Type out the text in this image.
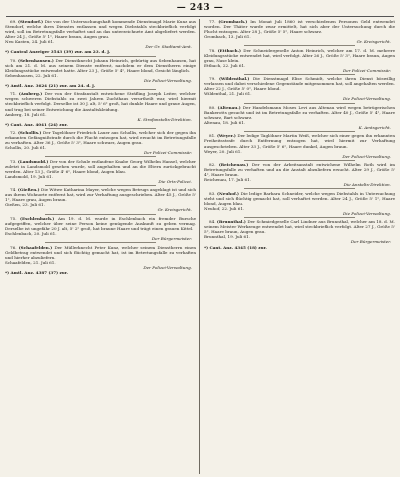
— 243 —

69. (Stendorf.) Die von der Untersuchungshaft kommende Dienstmagd Marie Kunz aus Stendorf, welche ihres Dienstes entlassen und wegen Diebstahls steckbrieflich verfolgt wird, soll im Betretungsfalle verhaftet und an das unterzeichnete Amt abgeliefert werden. Alter 24 J., Größe 5' 1", Haare braun, Augen grau.

Neu Kasten, 24. Juli 61.
Der Gr. Stadtamt-Amt.
*) Cantral Anzeiger 3543 (39) zur. am 23. d. J.

70. (Sebenhausen.) Der Dienstknecht Johann Heinrich, gebürtig aus Sebenhausen, hat sich am 21. d. M. aus seinem Dienste entfernt, nachdem er dem Dienstherrn einige Kleidungsstücke entwendet hatte. Alter 23 J., Größe 5' 4", Haare blond, Gesicht länglich.

Sebenhausen, 22. Juli 61.
Die Polizei-Verwaltung.
*) Amtl. Anz. 3624 (21) zur. am 24. d. J.

71. (Amberg.) Der von der Strafanstalt entwichene Sträfling Joseph Leiter, welcher wegen schweren Diebstahls zu zwei Jahren Zuchthaus verurtheilt war, wird hiermit steckbrieflich verfolgt. Derselbe ist 30 J. alt, 5' 6" groß, hat dunkle Haare und graue Augen, und trug bei seiner Entweichung die Anstaltskleidung.

Amberg, 18. Juli 61.
K. Strafanstalts-Direktion.
*) Cant. Anz. 4041 (24) zur.

72. (Schollis.) Der Tagelöhner Friedrich Lauer aus Schollis, welcher sich der gegen ihn erkannten Gefängnißstrafe durch die Flucht entzogen hat, wird ersucht im Betretungsfalle zu verhaften. Alter 36 J., Größe 5' 3", Haare schwarz, Augen grau.

Schollis, 20. Juli 61.
Der Polizei-Commissär.

73. (Landsmold.) Der von der Schule entlaufene Knabe Georg Wilhelm Hansel, welcher zuletzt in Landsmold gesehen wurde, soll angehalten und an die Eltern zurückgebracht werden. Alter 13 J., Größe 4' 6", Haare blond, Augen blau.

Landsmold, 19. Juli 61.
Die Orts-Polizei.

74. (Gießen.) Die Witwe Katharina Mayer, welche wegen Betrugs angeklagt ist und sich aus ihrem Wohnorte entfernt hat, wird zur Verhaftung ausgeschrieben. Alter 45 J., Größe 5' 1", Haare grau, Augen braun.

Gießen, 23. Juli 61.
Gr. Kreisgericht.

75. (Eschlenbach.) Am 19. d. M. wurde in Eschlenbach ein fremder Bursche aufgegriffen, welcher über seine Person keine genügende Auskunft zu geben vermag. Derselbe ist ungefähr 20 J. alt, 5' 2" groß, hat braune Haare und trägt einen grauen Kittel.

Eschlenbach, 20. Juli 61.
Der Bürgermeister.

76. (Schaafelden.) Der Müllerknecht Peter Kunz, welcher seinem Dienstherrn einen Geldbetrag entwendet und sich flüchtig gemacht hat, ist im Betretungsfalle zu verhaften und hierher abzuliefern.

Schaafelden, 21. Juli 61.
Der Polizei-Verwaltung.
*) Amtl. Anz. 4387 (37) zur.

77. (Grombach.) Im Monat Juli 1860 ist verschiedenen Personen Geld entwendet worden. Der Thäter wurde zwar ermittelt, hat sich aber der Untersuchung durch die Flucht entzogen. Alter 28 J., Größe 5' 5", Haare schwarz.

Grombach, 13. Juli 61.
Gr. Kreisgericht.

78. (Ettbach.) Der Schneidergeselle Anton Heinrich, welcher am 17. d. M. mehrere Kleidungsstücke entwendet hat, wird verfolgt. Alter 26 J., Größe 5' 3", Haare braun, Augen grau, Nase klein.

Ettbach, 22. Juli 61.
Der Polizei-Commissär.

79. (Wildenthal.) Die Dienstmagd Elise Schmidt, welche ihren Dienst böswillig verlassen und dabei verschiedene Gegenstände mitgenommen hat, soll angehalten werden. Alter 22 J., Größe 5' 0", Haare blond.

Wildenthal, 21. Juli 61.
Die Polizei-Verwaltung.

80. (Altenau.) Der Handelsmann Moses Levi aus Altenau wird wegen betrügerischen Bankerotts gesucht und ist im Betretungsfalle zu verhaften. Alter 40 J., Größe 5' 4", Haare schwarz, Bart schwarz.

Altenau, 18. Juli 61.
K. Amtsgericht.

81. (Weyer.) Der ledige Taglöhner Martin Weiß, welcher sich einer gegen ihn erkannten Freiheitsstrafe durch Entfernung entzogen hat, wird hiermit zur Verhaftung ausgeschrieben. Alter 33 J., Größe 5' 6", Haare dunkel, Augen braun.

Weyer, 20. Juli 61.
Der Polizei-Verwaltung.

82. (Reichenau.) Der von der Arbeitsanstalt entwichene Wilhelm Roth wird im Betretungsfalle zu verhaften und an die Anstalt abzuliefern ersucht. Alter 29 J., Größe 5' 4", Haare braun.

Reichenau, 17. Juli 61.
Die Anstalts-Direktion.

83. (Neuhof.) Die ledige Barbara Schneider, welche wegen Diebstahls in Untersuchung steht und sich flüchtig gemacht hat, soll verhaftet werden. Alter 24 J., Größe 5' 1", Haare blond, Augen blau.

Neuhof, 22. Juli 61.
Die Polizei-Verwaltung.

84. (Brunnthal.) Der Schmiedgeselle Carl Lindner aus Brunnthal, welcher am 18. d. M. seinem Meister Werkzeuge entwendet hat, wird steckbrieflich verfolgt. Alter 27 J., Größe 5' 5", Haare braun, Augen grau.

Brunnthal, 19. Juli 61.
Der Bürgermeister.
*) Cant. Anz. 4345 (18) zur.
